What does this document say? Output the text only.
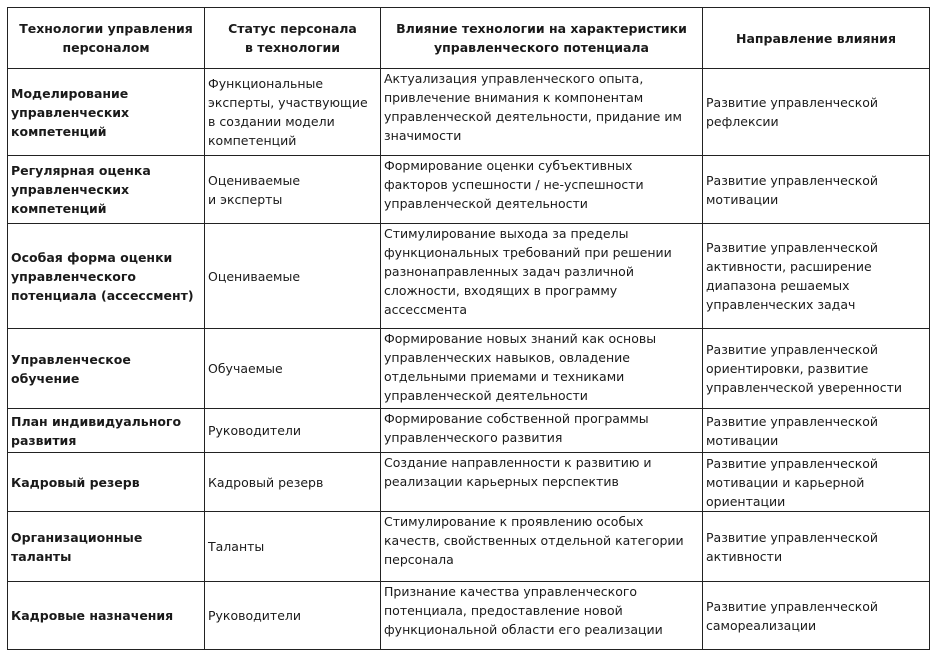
Технологии управления
персоналом	Статус персонала
в технологии	Влияние технологии на характеристики
управленческого потенциала	Направление влияния

Моделирование
управленческих
компетенций	Функциональные
эксперты, участвующие
в создании модели
компетенций	Актуализация управленческого опыта,
привлечение внимания к компонентам
управленческой деятельности, придание им
значимости	Развитие управленческой
рефлексии

Регулярная оценка
управленческих
компетенций	Оцениваемые
и эксперты	Формирование оценки субъективных
факторов успешности / не-успешности
управленческой деятельности	Развитие управленческой
мотивации

Особая форма оценки
управленческого
потенциала (ассессмент)	Оцениваемые	Стимулирование выхода за пределы
функциональных требований при решении
разнонаправленных задач различной
сложности, входящих в программу
ассессмента	Развитие управленческой
активности, расширение
диапазона решаемых
управленческих задач

Управленческое обучение	Обучаемые	Формирование новых знаний как основы
управленческих навыков, овладение
отдельными приемами и техниками
управленческой деятельности	Развитие управленческой
ориентировки, развитие
управленческой уверенности

План индивидуального
развития	Руководители	Формирование собственной программы
управленческого развития	Развитие управленческой
мотивации

Кадровый резерв	Кадровый резерв	Создание направленности к развитию и
реализации карьерных перспектив	Развитие управленческой
мотивации и карьерной
ориентации

Организационные таланты	Таланты	Стимулирование к проявлению особых
качеств, свойственных отдельной категории
персонала	Развитие управленческой
активности

Кадровые назначения	Руководители	Признание качества управленческого
потенциала, предоставление новой
функциональной области его реализации	Развитие управленческой
самореализации
